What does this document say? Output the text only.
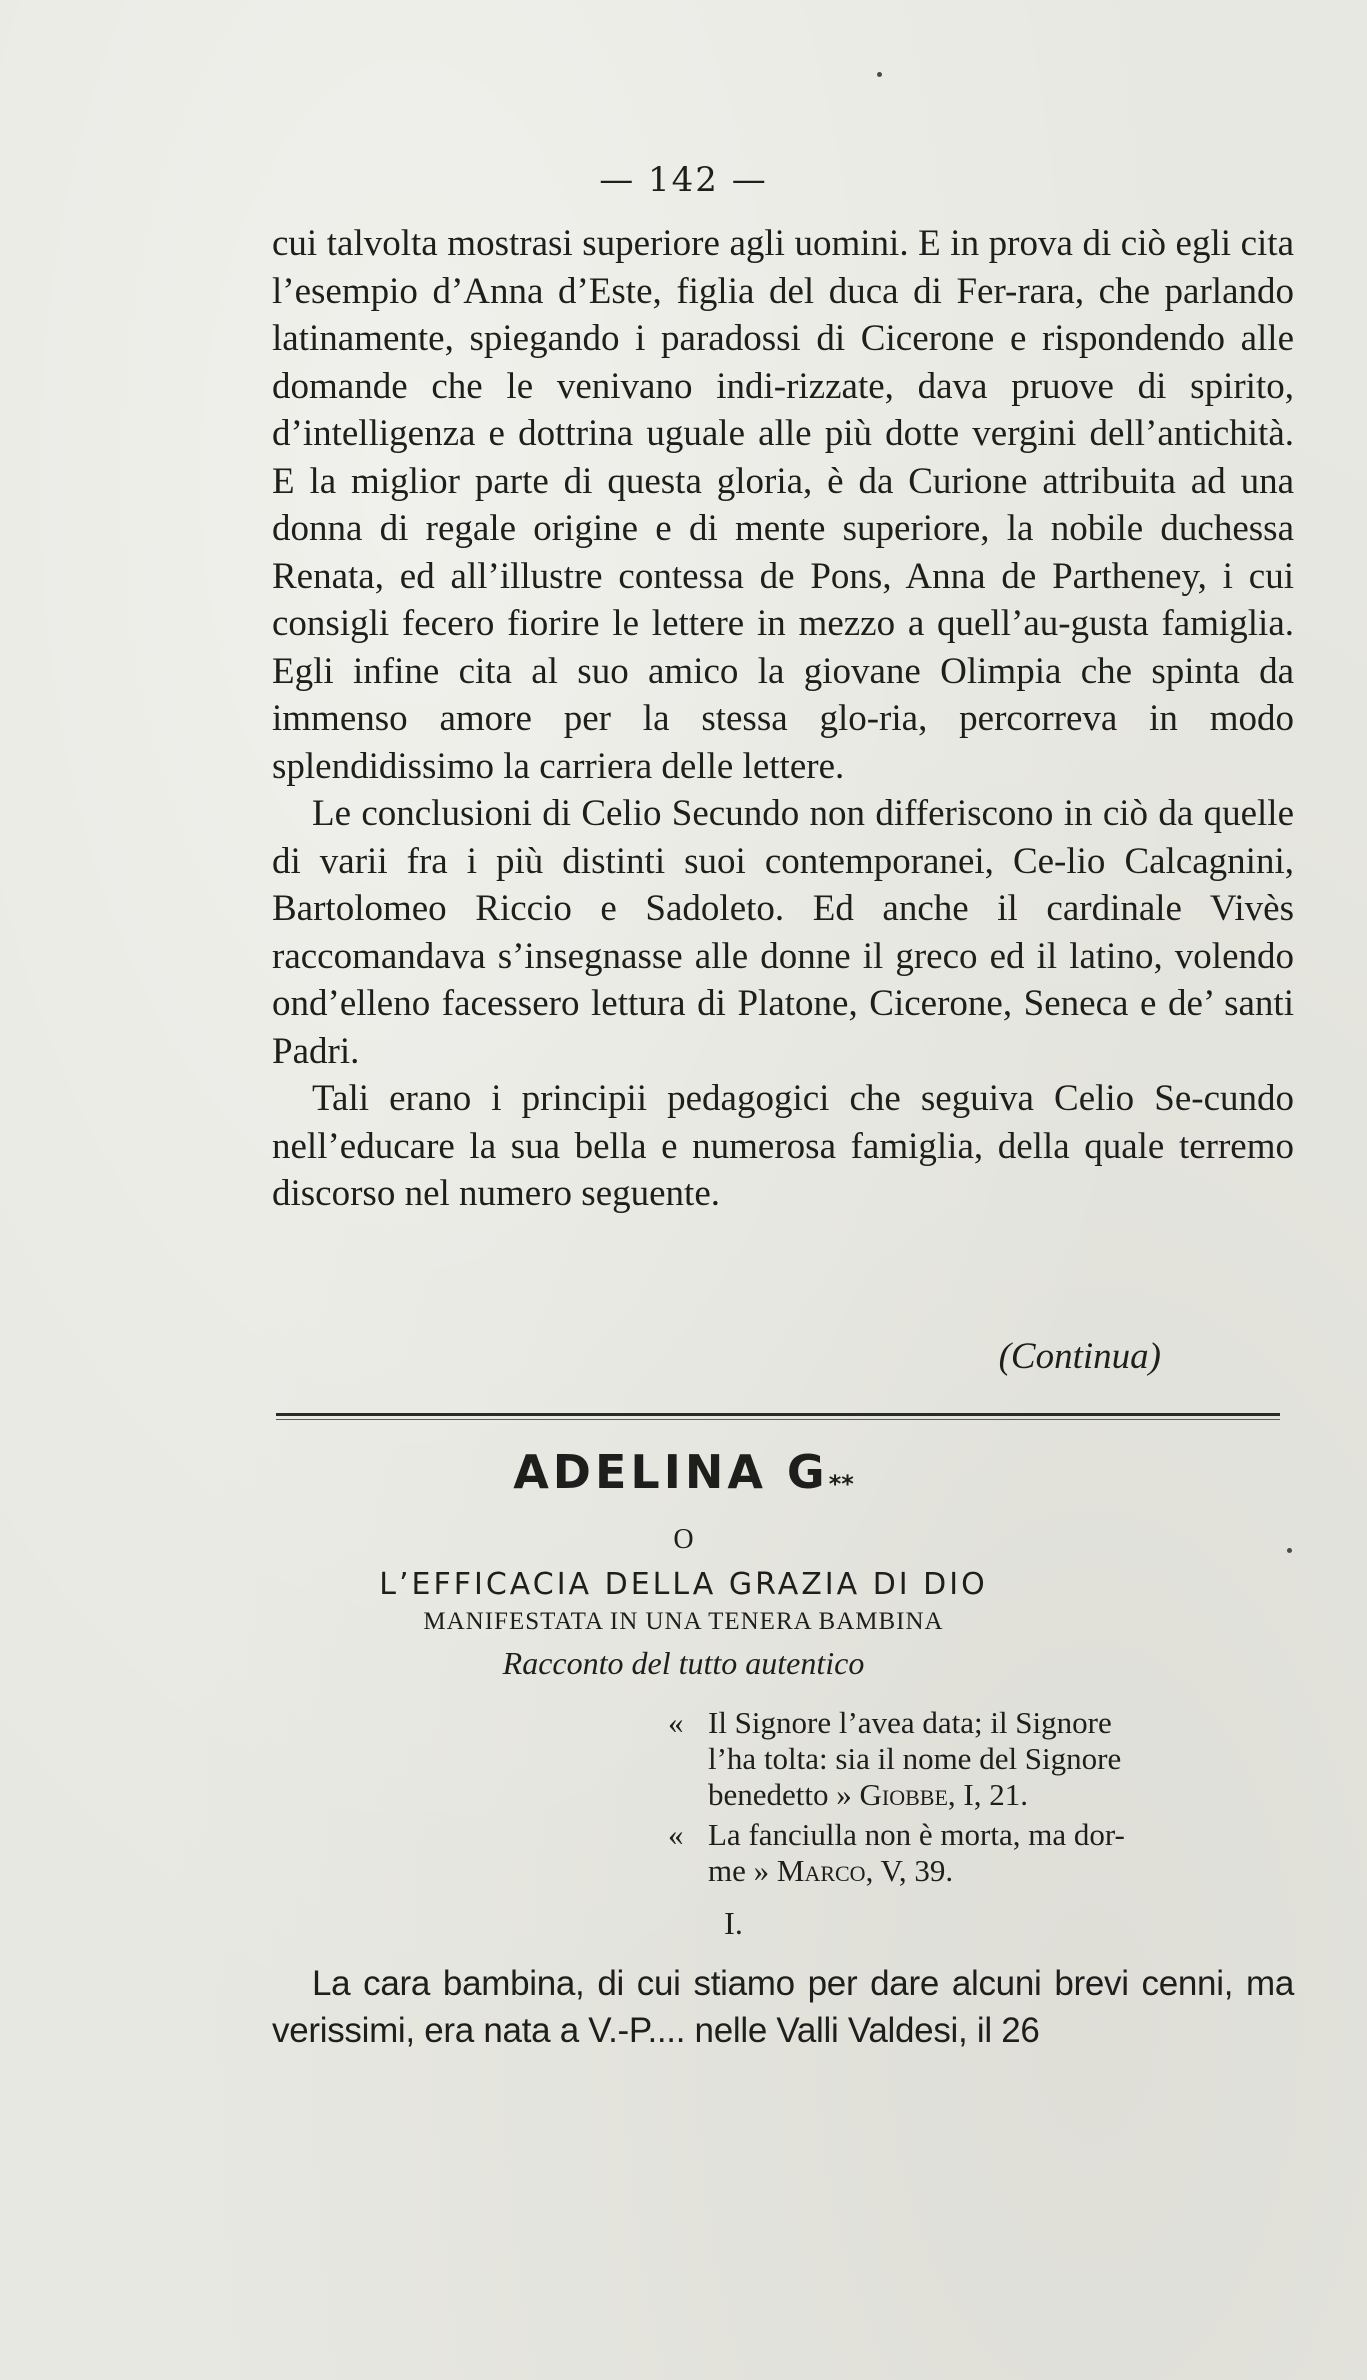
— 142 —

cui talvolta mostrasi superiore agli uomini. E in prova di ciò egli cita l’esempio d’Anna d’Este, figlia del duca di Fer-rara, che parlando latinamente, spiegando i paradossi di Cicerone e rispondendo alle domande che le venivano indi-rizzate, dava pruove di spirito, d’intelligenza e dottrina uguale alle più dotte vergini dell’antichità. E la miglior parte di questa gloria, è da Curione attribuita ad una donna di regale origine e di mente superiore, la nobile duchessa Renata, ed all’illustre contessa de Pons, Anna de Partheney, i cui consigli fecero fiorire le lettere in mezzo a quell’au-gusta famiglia. Egli infine cita al suo amico la giovane Olimpia che spinta da immenso amore per la stessa glo-ria, percorreva in modo splendidissimo la carriera delle lettere.

Le conclusioni di Celio Secundo non differiscono in ciò da quelle di varii fra i più distinti suoi contemporanei, Ce-lio Calcagnini, Bartolomeo Riccio e Sadoleto. Ed anche il cardinale Vivès raccomandava s’insegnasse alle donne il greco ed il latino, volendo ond’elleno facessero lettura di Platone, Cicerone, Seneca e de’ santi Padri.

Tali erano i principii pedagogici che seguiva Celio Se-cundo nell’educare la sua bella e numerosa famiglia, della quale terremo discorso nel numero seguente.

(Continua)
ADELINA G**
O
L’EFFICACIA DELLA GRAZIA DI DIO
MANIFESTATA IN UNA TENERA BAMBINA
Racconto del tutto autentico
« Il Signore l’avea data; il Signore
l’ha tolta: sia il nome del Signore
benedetto » Giobbe, I, 21.
« La fanciulla non è morta, ma dor-
me » Marco, V, 39.
I.

La cara bambina, di cui stiamo per dare alcuni brevi cenni, ma verissimi, era nata a V.-P.... nelle Valli Valdesi, il 26
